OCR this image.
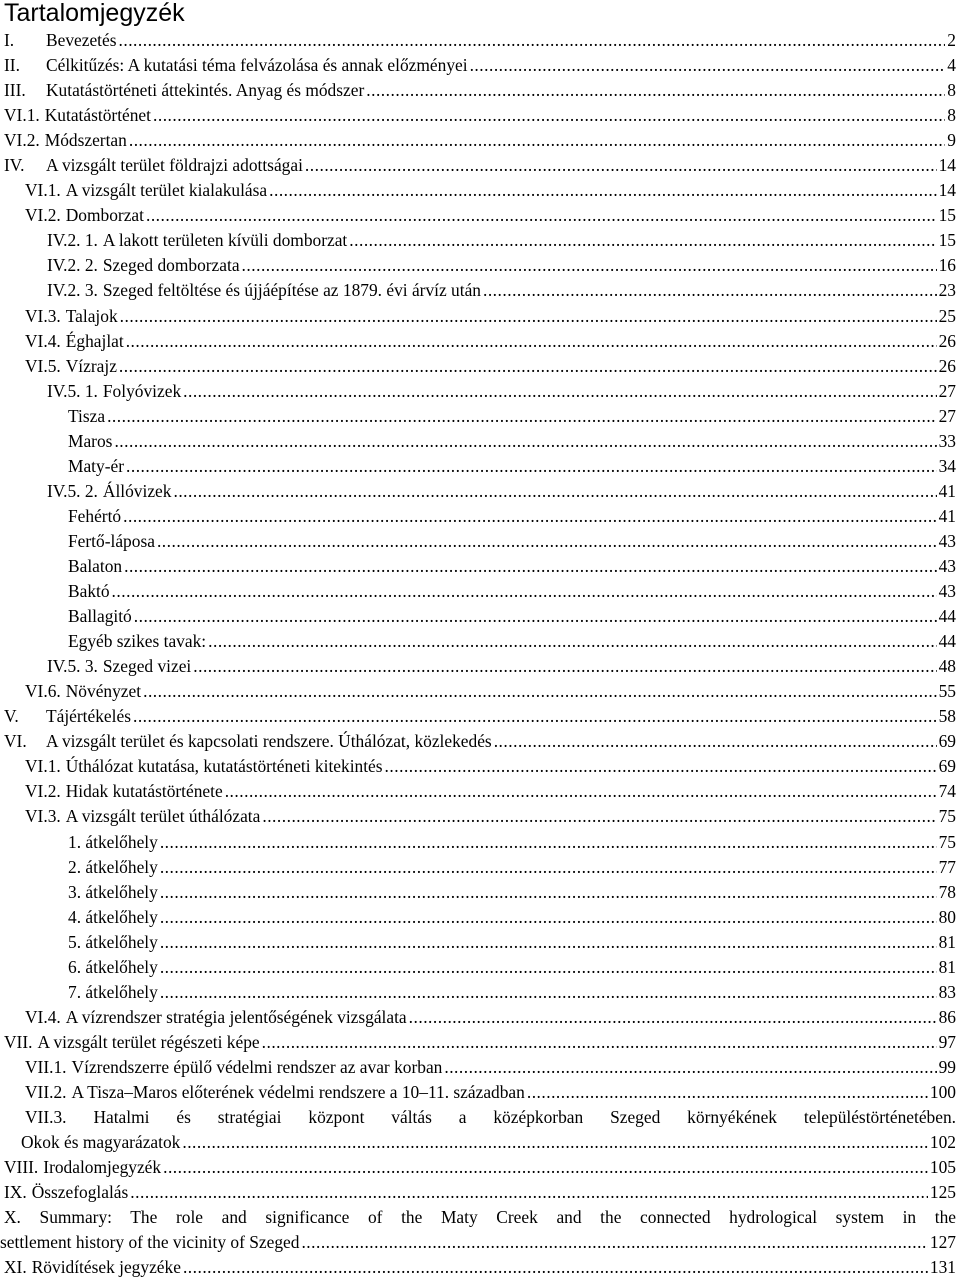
Tartalomjegyzék
I.	Bevezetés .....	2
II.	Célkitűzés: A kutatási téma felvázolása és annak előzményei .....	4
III.	Kutatástörténeti áttekintés. Anyag és módszer .....	8
VI.1. Kutatástörténet .....	8
VI.2. Módszertan .....	9
IV.	A vizsgált terület földrajzi adottságai .....	14
VI.1. A vizsgált terület kialakulása .....	14
VI.2. Domborzat .....	15
IV.2. 1. A lakott területen kívüli domborzat .....	15
IV.2. 2. Szeged domborzata .....	16
IV.2. 3. Szeged feltöltése és újjáépítése az 1879. évi árvíz után .....	23
VI.3. Talajok .....	25
VI.4. Éghajlat .....	26
VI.5. Vízrajz .....	26
IV.5. 1. Folyóvizek .....	27
Tisza .....	27
Maros .....	33
Maty-ér .....	34
IV.5. 2. Állóvizek .....	41
Fehértó .....	41
Fertő-láposa .....	43
Balaton .....	43
Baktó .....	43
Ballagitó .....	44
Egyéb szikes tavak: .....	44
IV.5. 3. Szeged vizei .....	48
VI.6. Növényzet .....	55
V.	Tájértékelés .....	58
VI.	A vizsgált terület és kapcsolati rendszere. Úthálózat, közlekedés .....	69
VI.1. Úthálózat kutatása, kutatástörténeti kitekintés .....	69
VI.2. Hidak kutatástörténete .....	74
VI.3. A vizsgált terület úthálózata .....	75
1. átkelőhely .....	75
2. átkelőhely .....	77
3. átkelőhely .....	78
4. átkelőhely .....	80
5. átkelőhely .....	81
6. átkelőhely .....	81
7. átkelőhely .....	83
VI.4. A vízrendszer stratégia jelentőségének vizsgálata .....	86
VII. A vizsgált terület régészeti képe .....	97
VII.1. Vízrendszerre épülő védelmi rendszer az avar korban .....	99
VII.2. A Tisza–Maros előterének védelmi rendszere a 10–11. században .....	100
VII.3. Hatalmi és stratégiai központ váltás a középkorban Szeged környékének településtörténetében.
Okok és magyarázatok .....	102
VIII. Irodalomjegyzék .....	105
IX. Összefoglalás .....	125
X. Summary: The role and significance of the Maty Creek and the connected hydrological system in the
settlement history of the vicinity of Szeged .....	127
XI. Rövidítések jegyzéke .....	131
